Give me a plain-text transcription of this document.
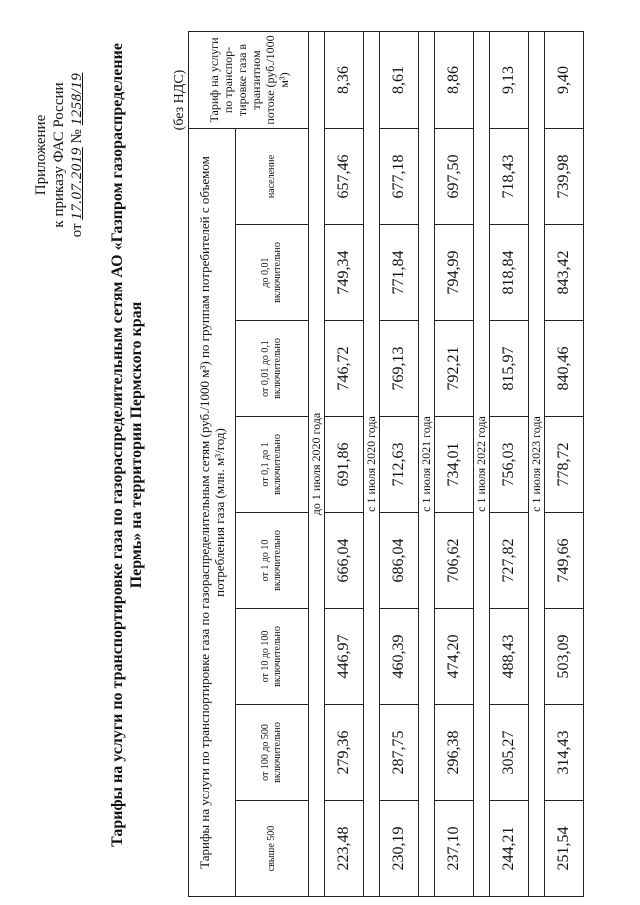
Приложение к приказу ФАС России
от 17.07.2019 № 1258/19 Тарифы на услуги по транспортировке газа по газораспределительным сетям АО «Газпром газораспределение Пермь» на территории Пермского края
(без НДС)
Тарифы на услуги по транспортировке газа по газораспределительным сетям (руб./1000 м³) по группам потребителей с объемом потребления газа (млн. м³/год)								Тариф на услуги по транспор-тировке газа в транзитном потоке (руб./1000 м³)
свыше 500	от 100 до 500 включительно	от 10 до 100 включительно	от 1 до 10 включительно	от 0,1 до 1 включительно	от 0,01 до 0,1 включительно	до 0,01 включительно	население	
до 1 июля 2020 года								
223,48	279,36	446,97	666,04	691,86	746,72	749,34	657,46	8,36
с 1 июля 2020 года								
230,19	287,75	460,39	686,04	712,63	769,13	771,84	677,18	8,61
с 1 июля 2021 года								
237,10	296,38	474,20	706,62	734,01	792,21	794,99	697,50	8,86
с 1 июля 2022 года								
244,21	305,27	488,43	727,82	756,03	815,97	818,84	718,43	9,13
с 1 июля 2023 года								
251,54	314,43	503,09	749,66	778,72	840,46	843,42	739,98	9,40
